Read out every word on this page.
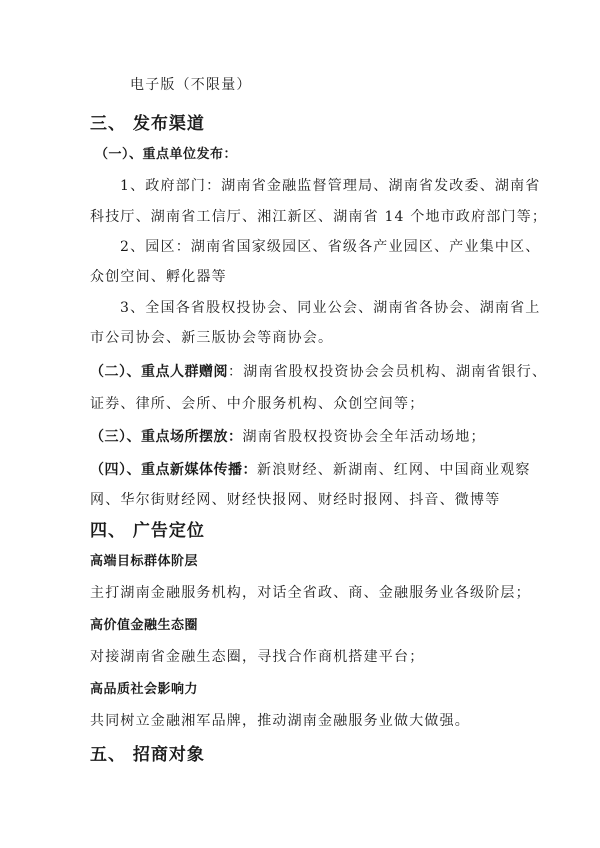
电子版（不限量）
三、 发布渠道
（一）、重点单位发布：
1、政府部门：湖南省金融监督管理局、湖南省发改委、湖南省
科技厅、湖南省工信厅、湘江新区、湖南省 14 个地市政府部门等；
2、园区：湖南省国家级园区、省级各产业园区、产业集中区、
众创空间、孵化器等
3、全国各省股权投协会、同业公会、湖南省各协会、湖南省上
市公司协会、新三版协会等商协会。
（二）、重点人群赠阅：湖南省股权投资协会会员机构、湖南省银行、
证券、律所、会所、中介服务机构、众创空间等；
（三）、重点场所摆放：湖南省股权投资协会全年活动场地；
（四）、重点新媒体传播：新浪财经、新湖南、红网、中国商业观察
网、华尔街财经网、财经快报网、财经时报网、抖音、微博等
四、 广告定位
高端目标群体阶层
主打湖南金融服务机构，对话全省政、商、金融服务业各级阶层；
高价值金融生态圈
对接湖南省金融生态圈，寻找合作商机搭建平台；
高品质社会影响力
共同树立金融湘军品牌，推动湖南金融服务业做大做强。
五、 招商对象
